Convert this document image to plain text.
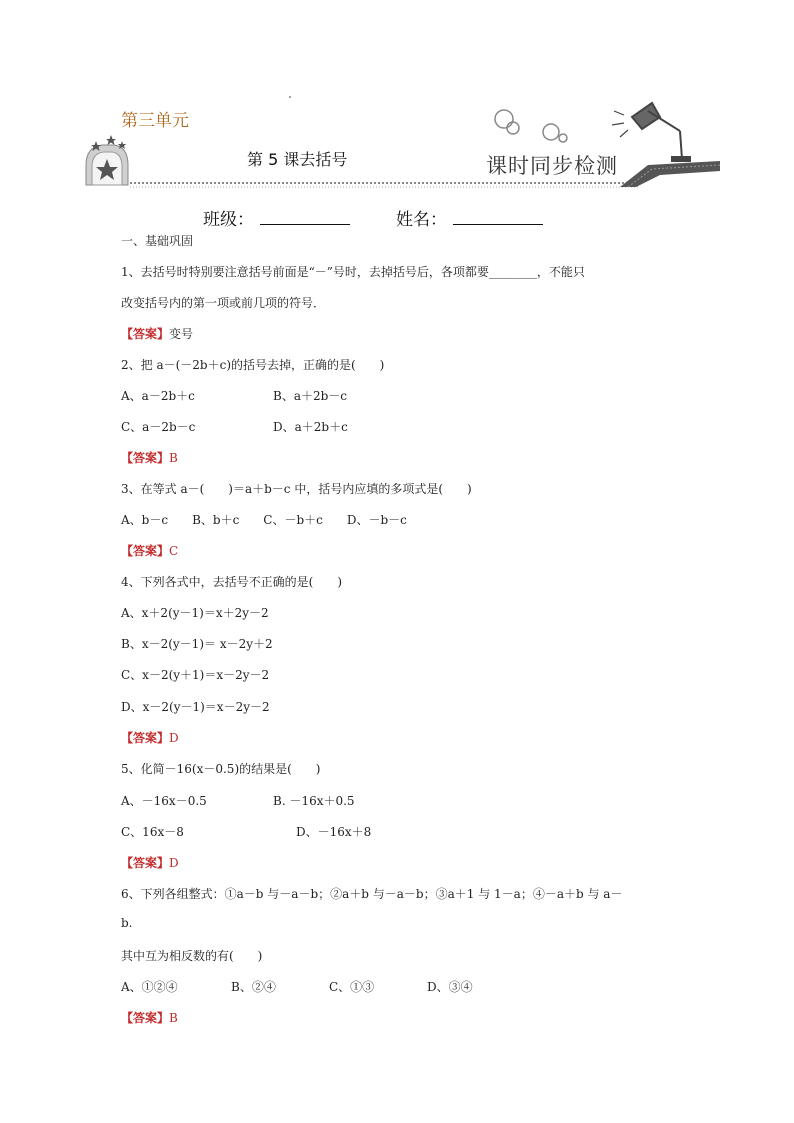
第三单元
第 5 课去括号	课时同步检测
班级：	姓名：
一、基础巩固
1、去括号时特别要注意括号前面是“－”号时，去掉括号后，各项都要________，不能只
改变括号内的第一项或前几项的符号．
【答案】变号
2、把 a－(－2b＋c)的括号去掉，正确的是(　　)
A、a－2b＋c	B、a＋2b－c
C、a－2b－c	D、a＋2b＋c
【答案】B
3、在等式 a－(　　)＝a＋b－c 中，括号内应填的多项式是(　　)
A、b－c　　B、b＋c　　C、－b＋c　　D、－b－c
【答案】C
4、下列各式中，去括号不正确的是(　　)
A、x＋2(y－1)＝x＋2y－2
B、x－2(y－1)＝ x－2y＋2
C、x－2(y＋1)＝x－2y－2
D、x－2(y－1)＝x－2y－2
【答案】D
5、化简－16(x－0.5)的结果是(　　)
A、－16x－0.5	B. －16x＋0.5
C、16x－8	D、－16x＋8
【答案】D
6、下列各组整式：①a－b 与－a－b；②a＋b 与－a－b；③a＋1 与 1－a；④－a＋b 与 a－
b.
其中互为相反数的有(　　)
A、①②④	B、②④	C、①③	D、③④
【答案】B
